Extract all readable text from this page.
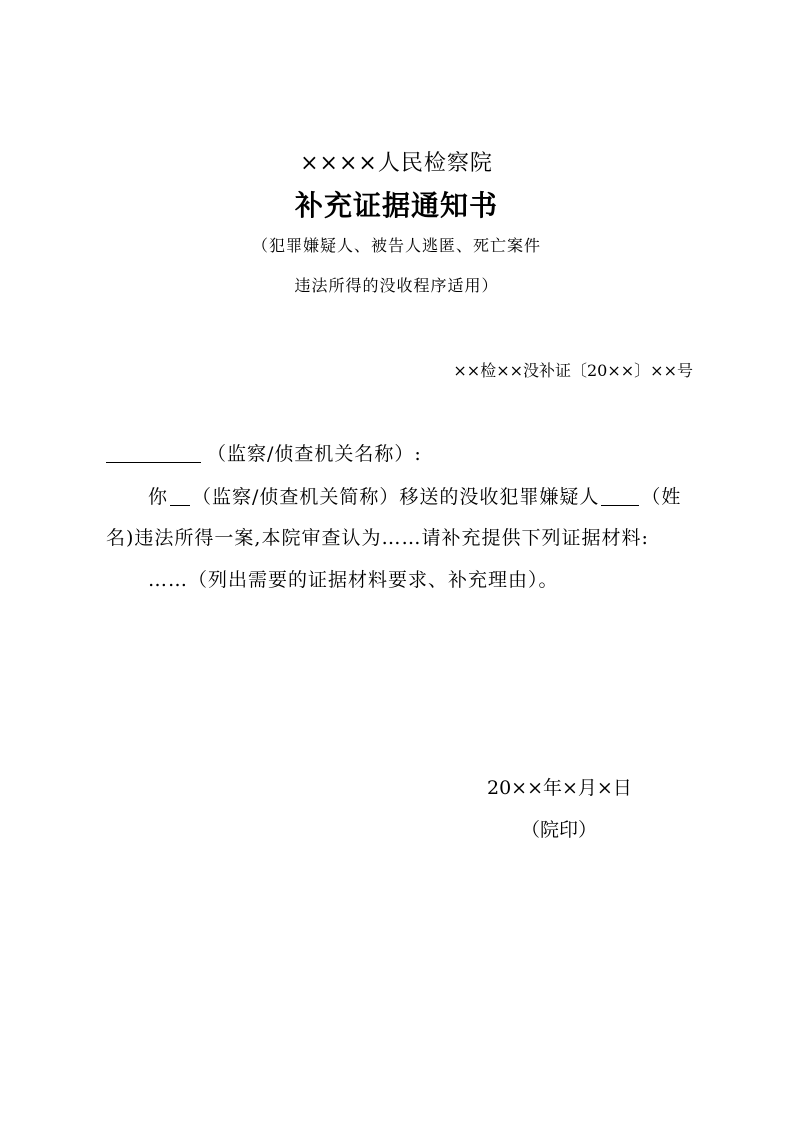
××××人民检察院
补充证据通知书
（犯罪嫌疑人、被告人逃匿、死亡案件
违法所得的没收程序适用）
××检××没补证〔20××〕××号
（监察/侦查机关名称）:
你 （监察/侦查机关简称）移送的没收犯罪嫌疑人 （姓
名)违法所得一案,本院审查认为……请补充提供下列证据材料:
……（列出需要的证据材料要求、补充理由）。
20××年×月×日
（院印）
